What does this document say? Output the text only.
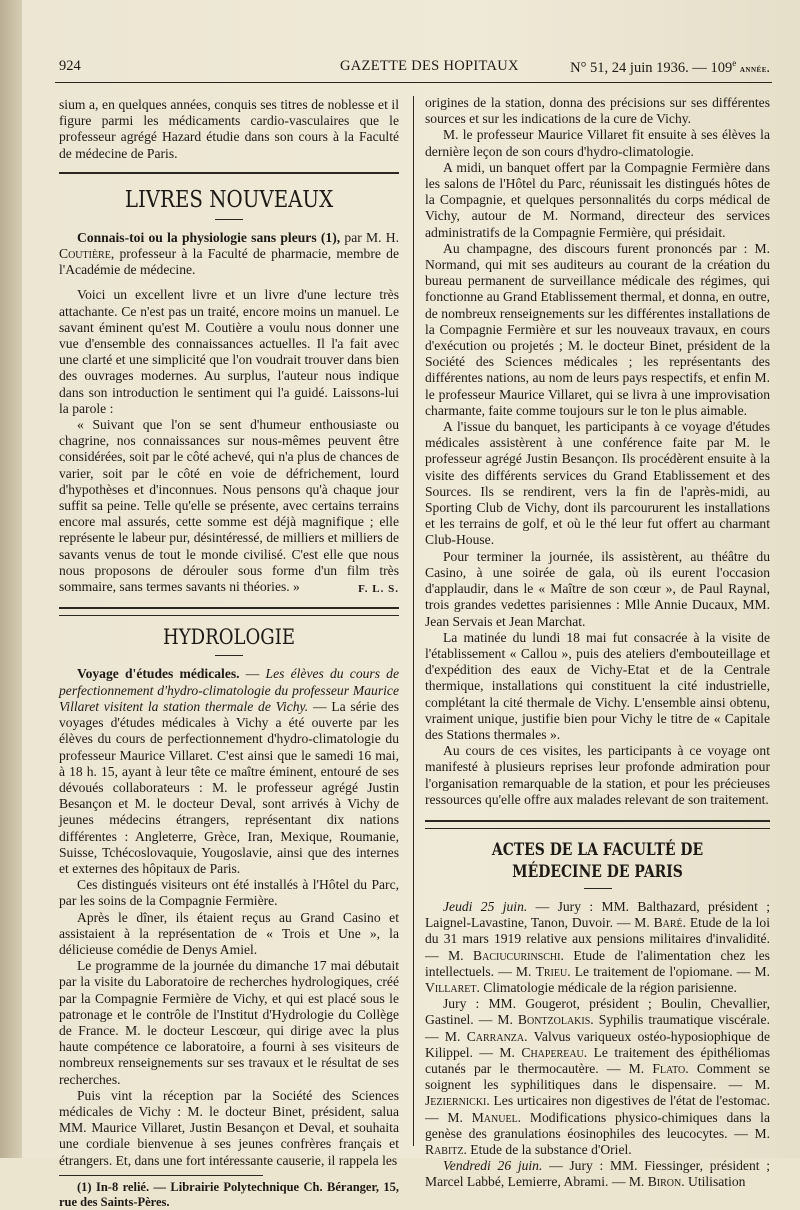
924	GAZETTE DES HOPITAUX	N° 51, 24 juin 1936. — 109e année.

sium a, en quelques années, conquis ses titres de noblesse et il figure parmi les médicaments cardio-vasculaires que le professeur agrégé Hazard étudie dans son cours à la Faculté de médecine de Paris.

LIVRES NOUVEAUX

Connais-toi ou la physiologie sans pleurs (1), par M. H. Coutière, professeur à la Faculté de pharmacie, membre de l'Académie de médecine.

Voici un excellent livre et un livre d'une lecture très attachante. Ce n'est pas un traité, encore moins un manuel. Le savant éminent qu'est M. Coutière a voulu nous donner une vue d'ensemble des connaissances actuelles. Il l'a fait avec une clarté et une simplicité que l'on voudrait trouver dans bien des ouvrages modernes. Au surplus, l'auteur nous indique dans son introduction le sentiment qui l'a guidé. Laissons-lui la parole :

« Suivant que l'on se sent d'humeur enthousiaste ou chagrine, nos connaissances sur nous-mêmes peuvent être considérées, soit par le côté achevé, qui n'a plus de chances de varier, soit par le côté en voie de défrichement, lourd d'hypothèses et d'inconnues. Nous pensons qu'à chaque jour suffit sa peine. Telle qu'elle se présente, avec certains terrains encore mal assurés, cette somme est déjà magnifique ; elle représente le labeur pur, désintéressé, de milliers et milliers de savants venus de tout le monde civilisé. C'est elle que nous nous proposons de dérouler sous forme d'un film très sommaire, sans termes savants ni théories. »	F. L. S.
HYDROLOGIE

Voyage d'études médicales. — Les élèves du cours de perfectionnement d'hydro-climatologie du professeur Maurice Villaret visitent la station thermale de Vichy. — La série des voyages d'études médicales à Vichy a été ouverte par les élèves du cours de perfectionnement d'hydro-climatologie du professeur Maurice Villaret. C'est ainsi que le samedi 16 mai, à 18 h. 15, ayant à leur tête ce maître éminent, entouré de ses dévoués collaborateurs : M. le professeur agrégé Justin Besançon et M. le docteur Deval, sont arrivés à Vichy de jeunes médecins étrangers, représentant dix nations différentes : Angleterre, Grèce, Iran, Mexique, Roumanie, Suisse, Tchécoslovaquie, Yougoslavie, ainsi que des internes et externes des hôpitaux de Paris.

Ces distingués visiteurs ont été installés à l'Hôtel du Parc, par les soins de la Compagnie Fermière.

Après le dîner, ils étaient reçus au Grand Casino et assistaient à la représentation de « Trois et Une », la délicieuse comédie de Denys Amiel.

Le programme de la journée du dimanche 17 mai débutait par la visite du Laboratoire de recherches hydrologiques, créé par la Compagnie Fermière de Vichy, et qui est placé sous le patronage et le contrôle de l'Institut d'Hydrologie du Collège de France. M. le docteur Lescœur, qui dirige avec la plus haute compétence ce laboratoire, a fourni à ses visiteurs de nombreux renseignements sur ses travaux et le résultat de ses recherches.

Puis vint la réception par la Société des Sciences médicales de Vichy : M. le docteur Binet, président, salua MM. Maurice Villaret, Justin Besançon et Deval, et souhaita une cordiale bienvenue à ses jeunes confrères français et étrangers. Et, dans une fort intéressante causerie, il rappela les

(1) In-8 relié. — Librairie Polytechnique Ch. Béranger, 15, rue des Saints-Pères.

origines de la station, donna des précisions sur ses différentes sources et sur les indications de la cure de Vichy.

M. le professeur Maurice Villaret fit ensuite à ses élèves la dernière leçon de son cours d'hydro-climatologie.

A midi, un banquet offert par la Compagnie Fermière dans les salons de l'Hôtel du Parc, réunissait les distingués hôtes de la Compagnie, et quelques personnalités du corps médical de Vichy, autour de M. Normand, directeur des services administratifs de la Compagnie Fermière, qui présidait.

Au champagne, des discours furent prononcés par : M. Normand, qui mit ses auditeurs au courant de la création du bureau permanent de surveillance médicale des régimes, qui fonctionne au Grand Etablissement thermal, et donna, en outre, de nombreux renseignements sur les différentes installations de la Compagnie Fermière et sur les nouveaux travaux, en cours d'exécution ou projetés ; M. le docteur Binet, président de la Société des Sciences médicales ; les représentants des différentes nations, au nom de leurs pays respectifs, et enfin M. le professeur Maurice Villaret, qui se livra à une improvisation charmante, faite comme toujours sur le ton le plus aimable.

A l'issue du banquet, les participants à ce voyage d'études médicales assistèrent à une conférence faite par M. le professeur agrégé Justin Besançon. Ils procédèrent ensuite à la visite des différents services du Grand Etablissement et des Sources. Ils se rendirent, vers la fin de l'après-midi, au Sporting Club de Vichy, dont ils parcoururent les installations et les terrains de golf, et où le thé leur fut offert au charmant Club-House.

Pour terminer la journée, ils assistèrent, au théâtre du Casino, à une soirée de gala, où ils eurent l'occasion d'applaudir, dans le « Maître de son cœur », de Paul Raynal, trois grandes vedettes parisiennes : Mlle Annie Ducaux, MM. Jean Servais et Jean Marchat.

La matinée du lundi 18 mai fut consacrée à la visite de l'établissement « Callou », puis des ateliers d'embouteillage et d'expédition des eaux de Vichy-Etat et de la Centrale thermique, installations qui constituent la cité industrielle, complétant la cité thermale de Vichy. L'ensemble ainsi obtenu, vraiment unique, justifie bien pour Vichy le titre de « Capitale des Stations thermales ».

Au cours de ces visites, les participants à ce voyage ont manifesté à plusieurs reprises leur profonde admiration pour l'organisation remarquable de la station, et pour les précieuses ressources qu'elle offre aux malades relevant de son traitement.

ACTES DE LA FACULTÉ DE MÉDECINE DE PARIS

Jeudi 25 juin. — Jury : MM. Balthazard, président ; Laignel-Lavastine, Tanon, Duvoir. — M. Baré. Etude de la loi du 31 mars 1919 relative aux pensions militaires d'invalidité. — M. Baciucurinschi. Etude de l'alimentation chez les intellectuels. — M. Trieu. Le traitement de l'opiomane. — M. Villaret. Climatologie médicale de la région parisienne.

Jury : MM. Gougerot, président ; Boulin, Chevallier, Gastinel. — M. Bontzolakis. Syphilis traumatique viscérale. — M. Carranza. Valvus variqueux ostéo-hyposiophique de Kilippel. — M. Chapereau. Le traitement des épithéliomas cutanés par le thermocautère. — M. Flato. Comment se soignent les syphilitiques dans le dispensaire. — M. Jezierniсki. Les urticaires non digestives de l'état de l'estomac. — M. Manuel. Modifications physico-chimiques dans la genèse des granulations éosinophiles des leucocytes. — M. Rabitz. Etude de la substance d'Oriel.

Vendredi 26 juin. — Jury : MM. Fiessinger, président ; Marcel Labbé, Lemierre, Abrami. — M. Biron. Utilisation
